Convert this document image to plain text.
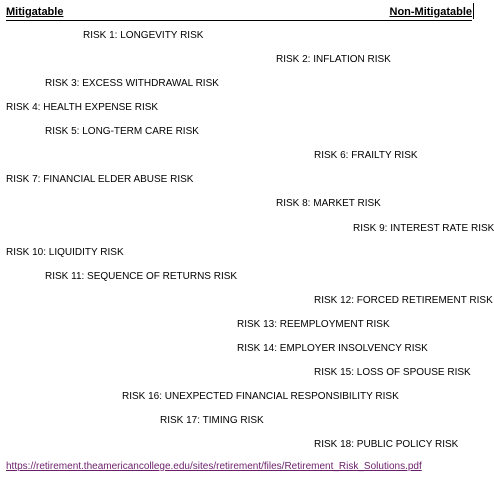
Mitigatable	Non-Mitigatable
RISK 1: LONGEVITY RISK
RISK 2: INFLATION RISK
RISK 3: EXCESS WITHDRAWAL RISK
RISK 4: HEALTH EXPENSE RISK
RISK 5: LONG-TERM CARE RISK
RISK 6: FRAILTY RISK
RISK 7: FINANCIAL ELDER ABUSE RISK
RISK 8: MARKET RISK
RISK 9: INTEREST RATE RISK
RISK 10: LIQUIDITY RISK
RISK 11: SEQUENCE OF RETURNS RISK
RISK 12: FORCED RETIREMENT RISK
RISK 13: REEMPLOYMENT RISK
RISK 14: EMPLOYER INSOLVENCY RISK
RISK 15: LOSS OF SPOUSE RISK
RISK 16: UNEXPECTED FINANCIAL RESPONSIBILITY RISK
RISK 17: TIMING RISK
RISK 18: PUBLIC POLICY RISK
https://retirement.theamericancollege.edu/sites/retirement/files/Retirement_Risk_Solutions.pdf
